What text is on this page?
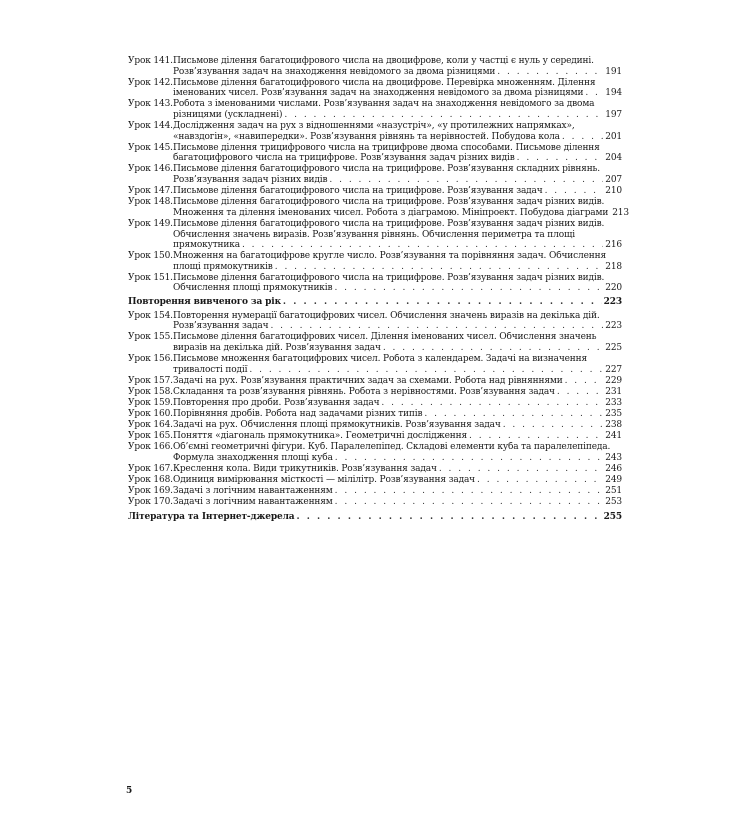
Урок 141. Письмове ділення багатоцифрового числа на двоцифрове, коли у частці є нуль у середині.
Розв’язування задач на знаходження невідомого за двома різницями . . .	191
Урок 142. Письмове ділення багатоцифрового числа на двоцифрове. Перевірка множенням. Ділення
іменованих чисел. Розв’язування задач на знаходження невідомого за двома різницями . . . 194
Урок 143. Робота з іменованими числами. Розв’язування задач на знаходження невідомого за двома
різницями (ускладнені) . . .	197
Урок 144. Дослідження задач на рух з відношеннями «назустріч», «у протилежних напрямках»,
«навздогін», «навипередки». Розв’язування рівнянь та нерівностей. Побудова кола . . .	201
Урок 145. Письмове ділення трицифрового числа на трицифрове двома способами. Письмове ділення
багатоцифрового числа на трицифрове. Розв’язування задач різних видів . . .	204
Урок 146. Письмове ділення багатоцифрового числа на трицифрове. Розв’язування складних рівнянь.
Розв’язування задач різних видів . . .	207
Урок 147. Письмове ділення багатоцифрового числа на трицифрове. Розв’язування задач . . .	210
Урок 148. Письмове ділення багатоцифрового числа на трицифрове. Розв’язування задач різних видів.
Множення та ділення іменованих чисел. Робота з діаграмою. Мініпроект. Побудова діаграми 213
Урок 149. Письмове ділення багатоцифрового числа на трицифрове. Розв’язування задач різних видів.
Обчислення значень виразів. Розв’язування рівнянь. Обчислення периметра та площі
прямокутника . . .	216
Урок 150. Множення на багатоцифрове кругле число. Розв’язування та порівняння задач. Обчислення
площі прямокутників . . .	218
Урок 151. Письмове ділення багатоцифрового числа на трицифрове. Розв’язування задач різних видів.
Обчислення площі прямокутників . . .	220
Повторення вивченого за рік . . .	223
Урок 154. Повторення нумерації багатоцифрових чисел. Обчислення значень виразів на декілька дій.
Розв’язування задач . . .	223
Урок 155. Письмове ділення багатоцифрових чисел. Ділення іменованих чисел. Обчислення значень
виразів на декілька дій. Розв’язування задач . . .	225
Урок 156. Письмове множення багатоцифрових чисел. Робота з календарем. Задачі на визначення
тривалості події . . .	227
Урок 157. Задачі на рух. Розв’язування практичних задач за схемами. Робота над рівняннями . . .	229
Урок 158. Складання та розв’язування рівнянь. Робота з нерівностями. Розв’язування задач . . .	231
Урок 159. Повторення про дроби. Розв’язування задач . . .	233
Урок 160. Порівняння дробів. Робота над задачами різних типів . . .	235
Урок 164. Задачі на рух. Обчислення площі прямокутників. Розв’язування задач . . .	238
Урок 165. Поняття «діагональ прямокутника». Геометричні дослідження . . .	241
Урок 166. Об’ємні геометричні фігури. Куб. Паралелепіпед. Складові елементи куба та паралелепіпеда.
Формула знаходження площі куба . . .	243
Урок 167. Креслення кола. Види трикутників. Розв’язування задач . . .	246
Урок 168. Одиниця вимірювання місткості — мілілітр. Розв’язування задач . . .	249
Урок 169. Задачі з логічним навантаженням . . .	251
Урок 170. Задачі з логічним навантаженням . . .	253
Література та Інтернет-джерела . . .	255
5
